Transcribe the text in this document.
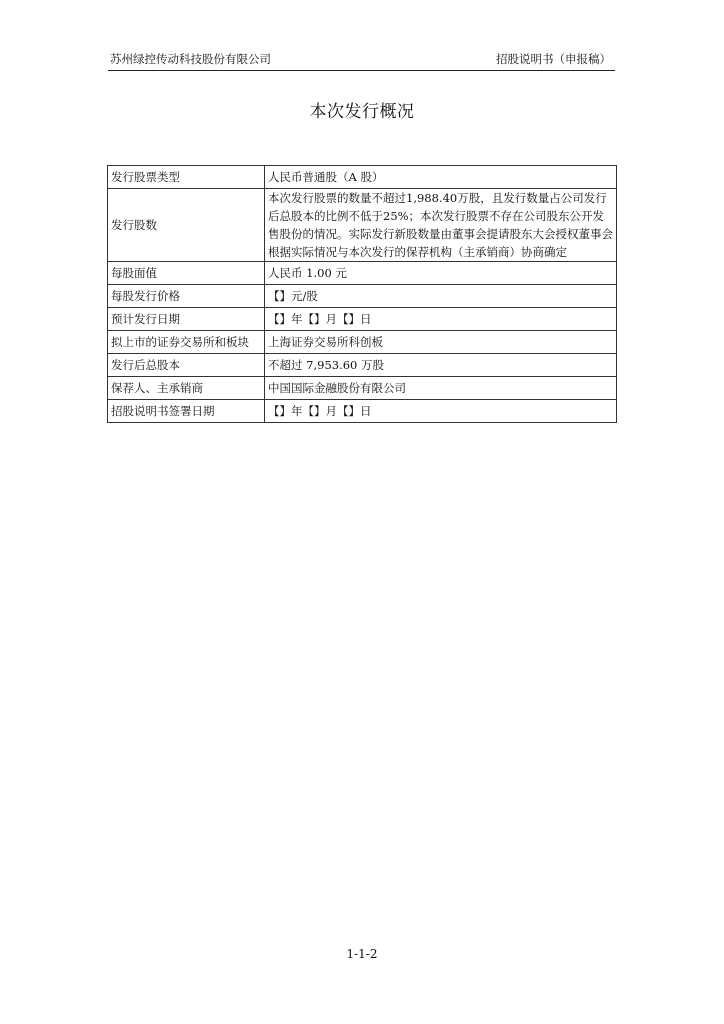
苏州绿控传动科技股份有限公司	招股说明书（申报稿）
本次发行概况
发行股票类型	人民币普通股（A 股）
发行股数	本次发行股票的数量不超过1,988.40万股，且发行数量占公司发行后总股本的比例不低于25%；本次发行股票不存在公司股东公开发售股份的情况。实际发行新股数量由董事会提请股东大会授权董事会根据实际情况与本次发行的保荐机构（主承销商）协商确定
每股面值	人民币 1.00 元
每股发行价格	【】元/股
预计发行日期	【】年【】月【】日
拟上市的证券交易所和板块	上海证券交易所科创板
发行后总股本	不超过 7,953.60 万股
保荐人、主承销商	中国国际金融股份有限公司
招股说明书签署日期	【】年【】月【】日
1-1-2
